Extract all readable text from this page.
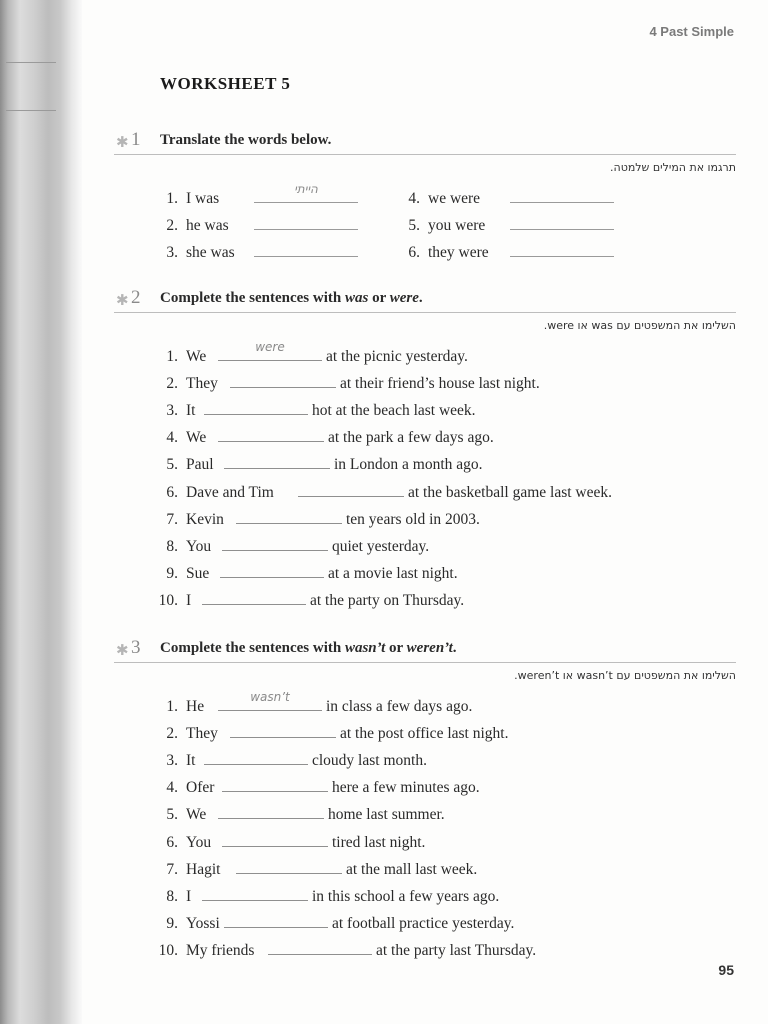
4 Past Simple
WORKSHEET 5
✱ 1 Translate the words below.
תרגמו את המילים שלמטה.
1. I was
הייתי
2. he was
3. she was
4. we were
5. you were
6. they were
✱ 2 Complete the sentences with was or were.
השלימו את המשפטים עם was או were.
1. We
were
at the picnic yesterday.
2. They	at their friend’s house last night.
3. It	hot at the beach last week.
4. We	at the park a few days ago.
5. Paul	in London a month ago.
6. Dave and Tim	at the basketball game last week.
7. Kevin	ten years old in 2003.
8. You	quiet yesterday.
9. Sue	at a movie last night.
10. I	at the party on Thursday.
✱ 3 Complete the sentences with wasn’t or weren’t.
השלימו את המשפטים עם wasn’t או weren’t.
1. He
wasn’t
in class a few days ago.
2. They	at the post office last night.
3. It	cloudy last month.
4. Ofer	here a few minutes ago.
5. We	home last summer.
6. You	tired last night.
7. Hagit	at the mall last week.
8. I	in this school a few years ago.
9. Yossi	at football practice yesterday.
10. My friends	at the party last Thursday.
95
